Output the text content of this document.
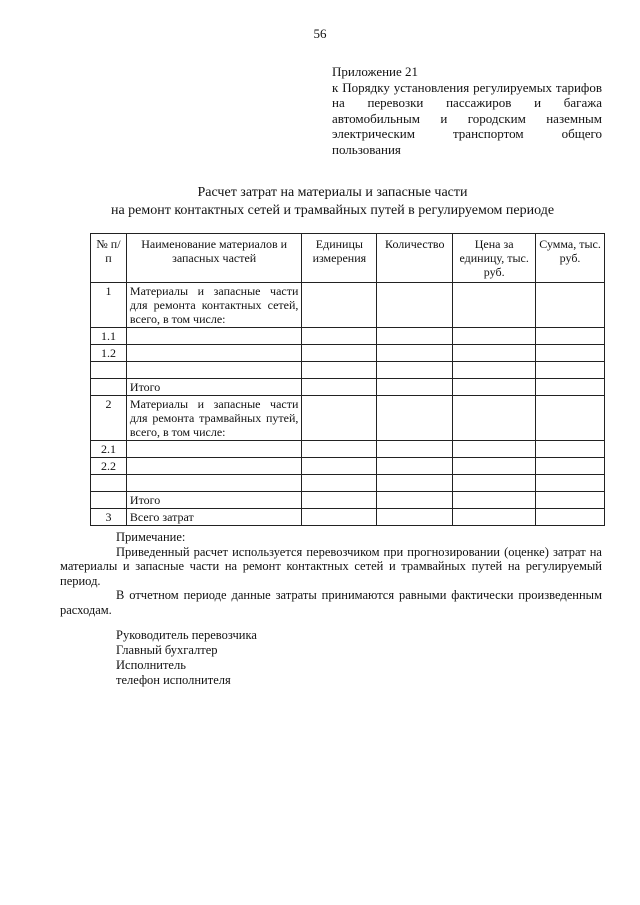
56
Приложение 21
к Порядку установления регулируемых тарифов на перевозки пассажиров и багажа автомобильным и городским наземным электрическим транспортом общего пользования
Расчет затрат на материалы и запасные части
на ремонт контактных сетей и трамвайных путей в регулируемом периоде
№ п/п	Наименование материалов и запасных частей	Единицы измерения	Количество	Цена за единицу, тыс. руб.	Сумма, тыс. руб.
1	Материалы и запасные части для ремонта контактных сетей, всего, в том числе:				
1.1					
1.2					

	Итого				
2	Материалы и запасные части для ремонта трамвайных путей, всего, в том числе:				
2.1					
2.2					

	Итого				
3	Всего затрат				

Примечание:

Приведенный расчет используется перевозчиком при прогнозировании (оценке) затрат на материалы и запасные части на ремонт контактных сетей и трамвайных путей на регулируемый период.

В отчетном периоде данные затраты принимаются равными фактически произведенным расходам.

Руководитель перевозчика
Главный бухгалтер
Исполнитель
телефон исполнителя
